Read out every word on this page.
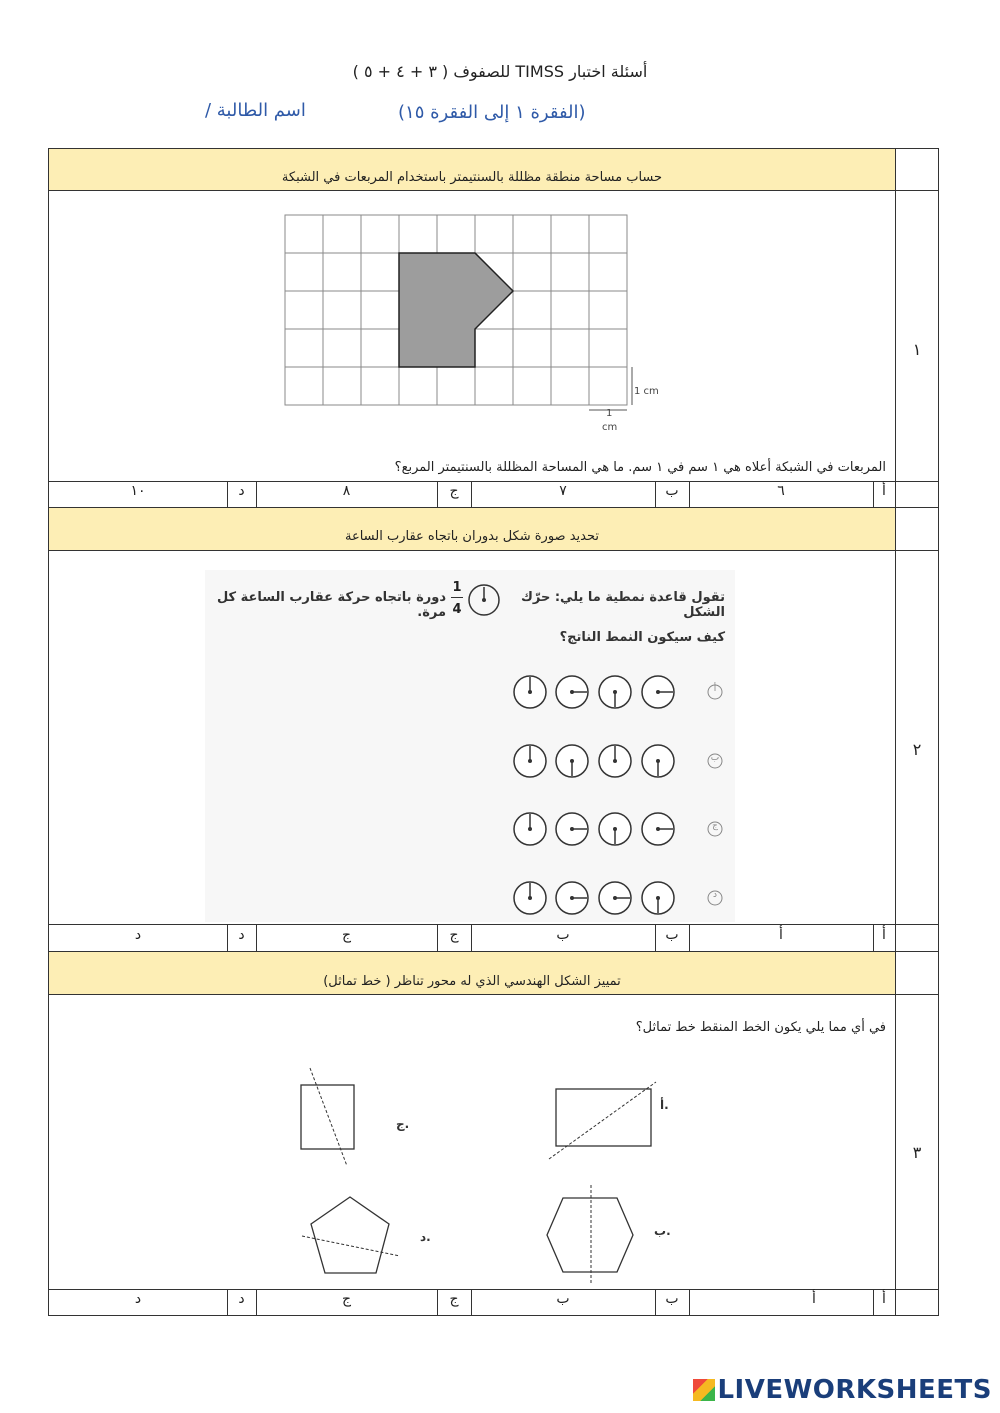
أسئلة اختبار TIMSS للصفوف ( ٣ + ٤ + ٥ )
(الفقرة ١ إلى الفقرة ١٥)
اسم الطالبة /
حساب مساحة منطقة مظللة بالسنتيمتر باستخدام المربعات في الشبكة
١
1 cm
1
cm
المربعات في الشبكة أعلاه هي ١ سم في ١ سم. ما هي المساحة المظللة بالسنتيمتر المربع؟
أ
٦
ب
٧
ج
٨
د
١٠
تحديد صورة شكل بدوران باتجاه عقارب الساعة
٢
تقول قاعدة نمطية ما يلي: حرّك الشكل
1
4
دورة باتجاه حركة عقارب الساعة كل مرة.
كيف سيكون النمط الناتج؟
أ
ب
ج
د
أ
أ
ب
ب
ج
ج
د
د
تمييز الشكل الهندسي الذي له محور تناظر ( خط تماثل)
٣
في أي مما يلي يكون الخط المنقط خط تماثل؟
أ.
ب.
ج.
د.
أ
أ
ب
ب
ج
ج
د
د
LIVEWORKSHEETS
